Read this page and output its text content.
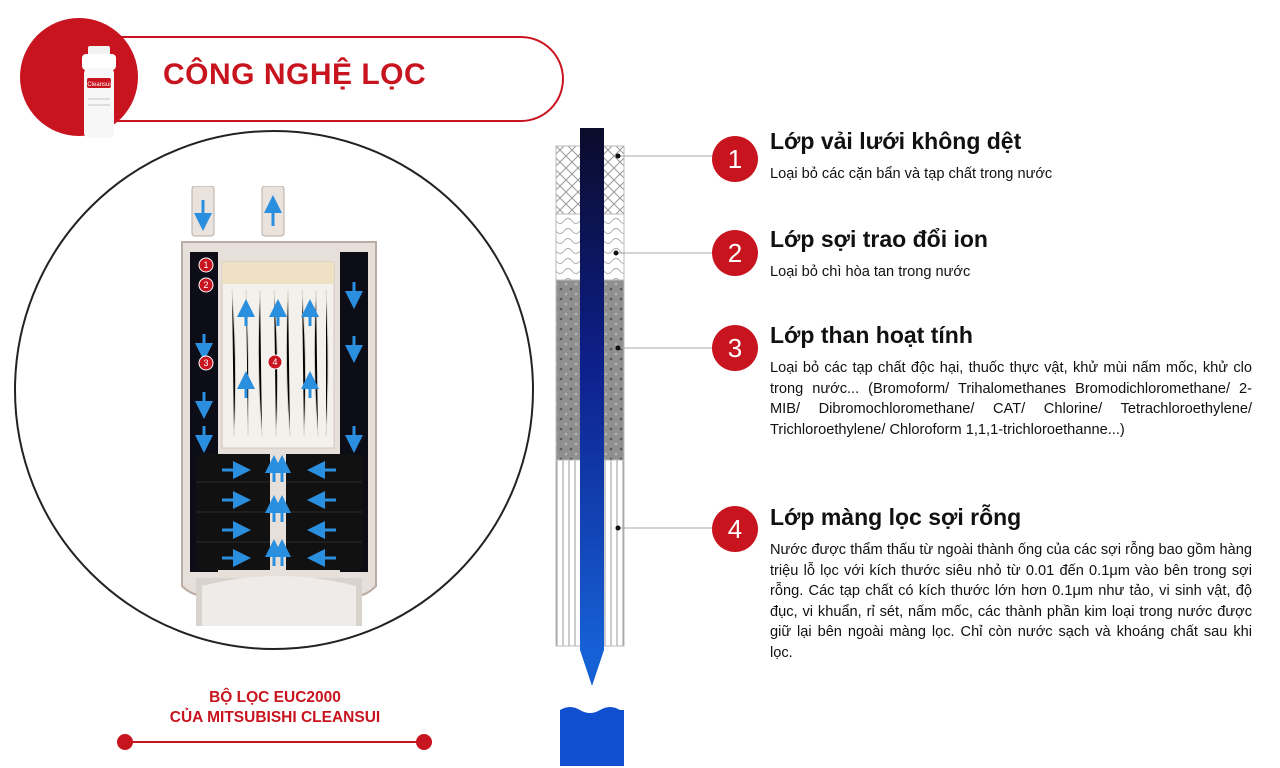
CÔNG NGHỆ LỌC
Cleansui
1
2
3	4
BỘ LỌC EUC2000
CỦA MITSUBISHI CLEANSUI
1
Lớp vải lưới không dệt
Loại bỏ các cặn bẩn và tạp chất trong nước
2	Lớp sợi trao đổi ion
Loại bỏ chì hòa tan trong nước
3	Lớp than hoạt tính
Loại bỏ các tạp chất độc hại, thuốc thực vật, khử mùi nấm mốc, khử clo trong nước... (Bromoform/ Trihalomethanes Bromodichloromethane/ 2-MIB/ Dibromochloromethane/ CAT/ Chlorine/ Tetrachloroethylene/ Trichloroethylene/ Chloroform 1,1,1-trichloroethanne...)
4	Lớp màng lọc sợi rỗng
Nước được thẩm thấu từ ngoài thành ống của các sợi rỗng bao gồm hàng triệu lỗ lọc với kích thước siêu nhỏ từ 0.01 đến 0.1μm vào bên trong sợi rỗng. Các tạp chất có kích thước lớn hơn 0.1μm như tảo, vi sinh vật, độ đục, vi khuẩn, rỉ sét, nấm mốc, các thành phần kim loại trong nước được giữ lại bên ngoài màng lọc. Chỉ còn nước sạch và khoáng chất sau khi lọc.
